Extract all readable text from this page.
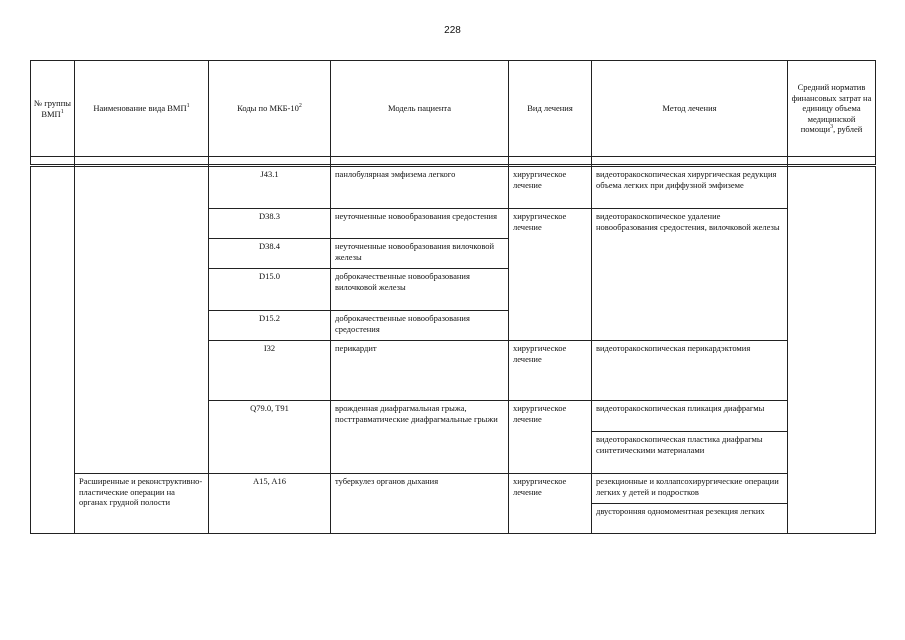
228
№ группы ВМП$^1$	Наименование вида ВМП$^1$	Коды по МКБ-$10^2$	Модель пациента	Вид лечения	Метод лечения	Средний норматив финансовых затрат на единицу объема медицинской помощи$^3$, рублей

		J43.1	панлобулярная эмфизема легкого	хирургическое лечение	видеоторакоскопическая хирургическая редукция объема легких при диффузной эмфиземе	
		D38.3	неуточненные новообразования средостения	хирургическое лечение	видеоторакоскопическое удаление новообразования средостения, вилочковой железы	
		D38.4	неуточненные новообразования вилочковой железы			
		D15.0	доброкачественные новообразования вилочковой железы			
		D15.2	доброкачественные новообразования средостения			
		I32	перикардит	хирургическое лечение	видеоторакоскопическая перикардэктомия	
		Q79.0, T91	врожденная диафрагмальная грыжа, посттравматические диафрагмальные грыжи	хирургическое лечение	видеоторакоскопическая пликация диафрагмы	
					видеоторакоскопическая пластика диафрагмы синтетическими материалами	
	Расширенные и реконструктивно-пластические операции на органах грудной полости	A15, A16	туберкулез органов дыхания	хирургическое лечение	резекционные и коллапсохирургические операции легких у детей и подростков	
					двусторонняя одномоментная резекция легких	
